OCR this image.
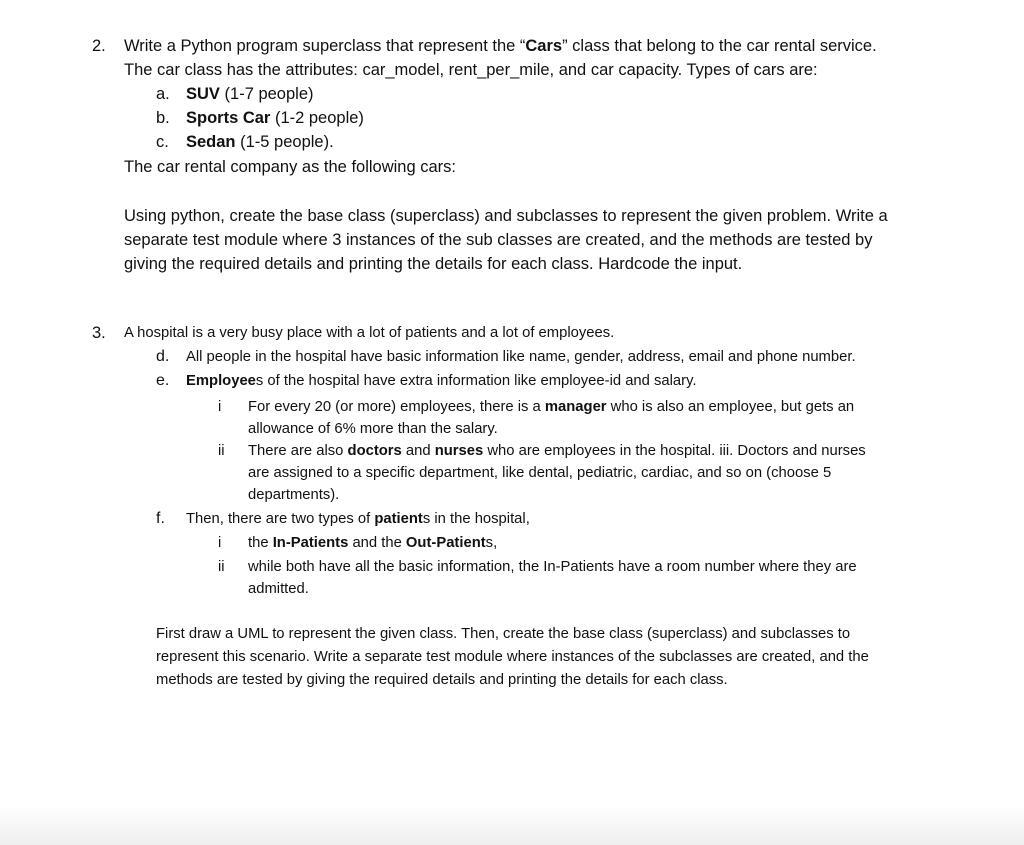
2. Write a Python program superclass that represent the “Cars” class that belong to the car rental service.
The car class has the attributes: car_model, rent_per_mile, and car capacity. Types of cars are:
a. SUV (1-7 people)
b. Sports Car (1-2 people)
c. Sedan (1-5 people).
The car rental company as the following cars:
Using python, create the base class (superclass) and subclasses to represent the given problem. Write a
separate test module where 3 instances of the sub classes are created, and the methods are tested by
giving the required details and printing the details for each class. Hardcode the input.
3. A hospital is a very busy place with a lot of patients and a lot of employees.
d. All people in the hospital have basic information like name, gender, address, email and phone number.
e. Employees of the hospital have extra information like employee-id and salary.
i For every 20 (or more) employees, there is a manager who is also an employee, but gets an
allowance of 6% more than the salary.
ii There are also doctors and nurses who are employees in the hospital. iii. Doctors and nurses
are assigned to a specific department, like dental, pediatric, cardiac, and so on (choose 5
departments).
f. Then, there are two types of patients in the hospital,
i the In-Patients and the Out-Patients,
ii while both have all the basic information, the In-Patients have a room number where they are
admitted.
First draw a UML to represent the given class. Then, create the base class (superclass) and subclasses to
represent this scenario. Write a separate test module where instances of the subclasses are created, and the
methods are tested by giving the required details and printing the details for each class.
